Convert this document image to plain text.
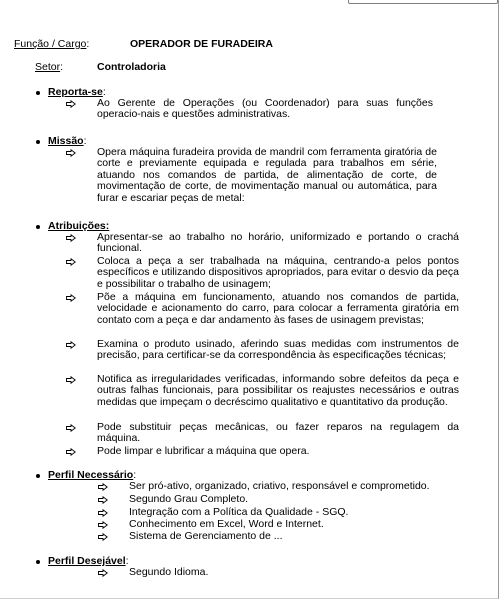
Função / Cargo:	OPERADOR DE FURADEIRA
Setor:	Controladoria
Reporta-se:
Ao Gerente de Operações (ou Coordenador) para suas funções operacio-nais e questões administrativas.
Missão:
Opera máquina furadeira provida de mandril com ferramenta giratória de corte e previamente equipada e regulada para trabalhos em série, atuando nos comandos de partida, de alimentação de corte, de movimentação de corte, de movimentação manual ou automática, para furar e escariar peças de metal:
Atribuições:
Apresentar-se ao trabalho no horário, uniformizado e portando o crachá funcional.
Coloca a peça a ser trabalhada na máquina, centrando-a pelos pontos específicos e utilizando dispositivos apropriados, para evitar o desvio da peça e possibilitar o trabalho de usinagem;
Põe a máquina em funcionamento, atuando nos comandos de partida, velocidade e acionamento do carro, para colocar a ferramenta giratória em contato com a peça e dar andamento às fases de usinagem previstas;
Examina o produto usinado, aferindo suas medidas com instrumentos de precisão, para certificar-se da correspondência às especificações técnicas;
Notifica as irregularidades verificadas, informando sobre defeitos da peça e outras falhas funcionais, para possibilitar os reajustes necessários e outras medidas que impeçam o decréscimo qualitativo e quantitativo da produção.
Pode substituir peças mecânicas, ou fazer reparos na regulagem da máquina.
Pode limpar e lubrificar a máquina que opera.
Perfil Necessário:
Ser pró-ativo, organizado, criativo, responsável e comprometido.
Segundo Grau Completo.
Integração com a Política da Qualidade - SGQ.
Conhecimento em Excel, Word e Internet.
Sistema de Gerenciamento de ...
Perfil Desejável:
Segundo Idioma.
